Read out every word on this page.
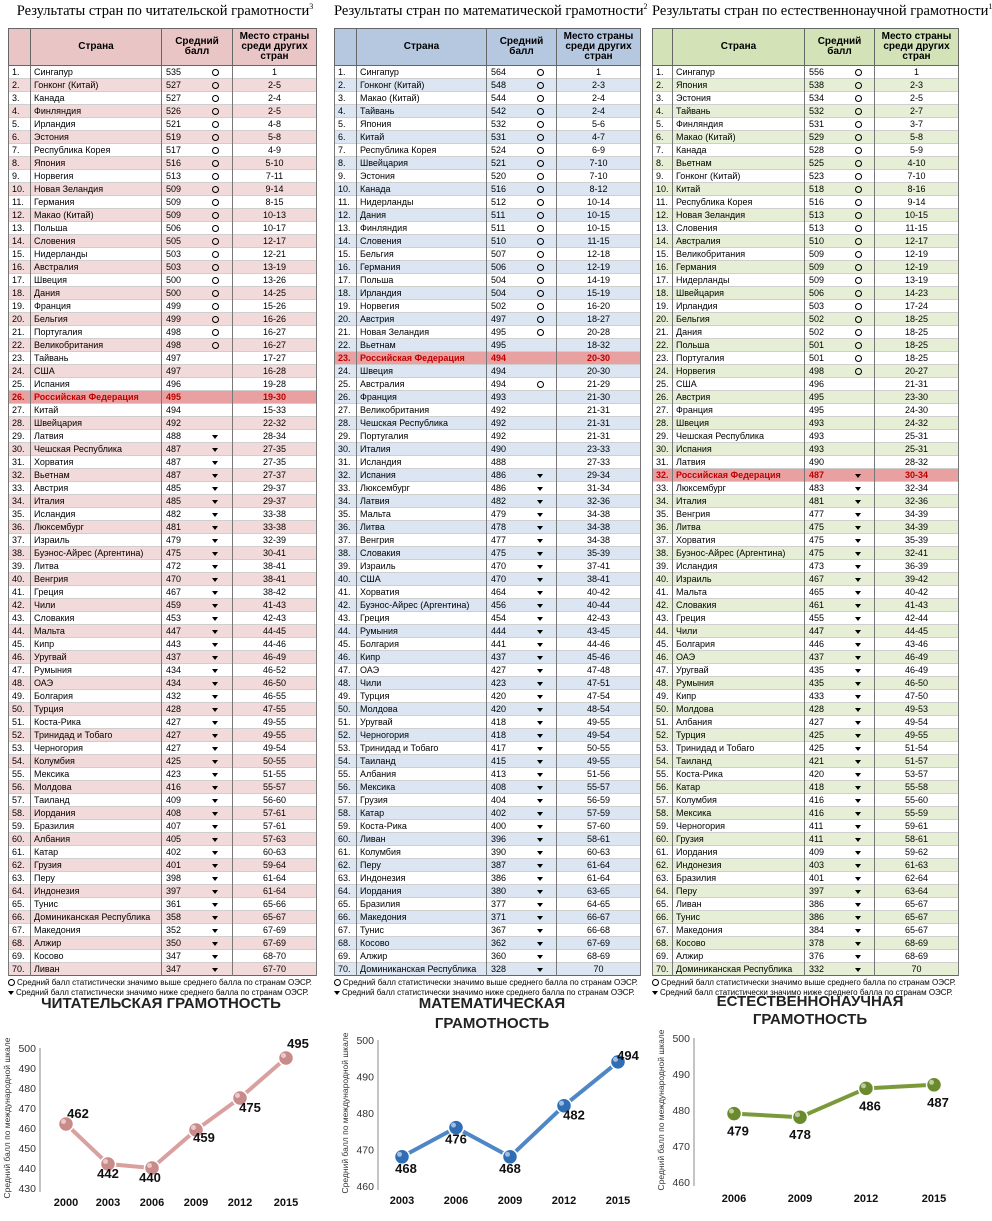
Результаты стран по читательской грамотности$^3$
	Страна	Средний балл	Место страны среди других стран
1.	Сингапур	535	1
2.	Гонконг (Китай)	527	2-5
3.	Канада	527	2-4
4.	Финляндия	526	2-5
5.	Ирландия	521	4-8
6.	Эстония	519	5-8
7.	Республика Корея	517	4-9
8.	Япония	516	5-10
9.	Норвегия	513	7-11
10.	Новая Зеландия	509	9-14
11.	Германия	509	8-15
12.	Макао (Китай)	509	10-13
13.	Польша	506	10-17
14.	Словения	505	12-17
15.	Нидерланды	503	12-21
16.	Австралия	503	13-19
17.	Швеция	500	13-26
18.	Дания	500	14-25
19.	Франция	499	15-26
20.	Бельгия	499	16-26
21.	Португалия	498	16-27
22.	Великобритания	498	16-27
23.	Тайвань	497	17-27
24.	США	497	16-28
25.	Испания	496	19-28
26.	Российская Федерация	495	19-30
27.	Китай	494	15-33
28.	Швейцария	492	22-32
29.	Латвия	488	28-34
30.	Чешская Республика	487	27-35
31.	Хорватия	487	27-35
32.	Вьетнам	487	27-37
33.	Австрия	485	29-37
34.	Италия	485	29-37
35.	Исландия	482	33-38
36.	Люксембург	481	33-38
37.	Израиль	479	32-39
38.	Буэнос-Айрес (Аргентина)	475	30-41
39.	Литва	472	38-41
40.	Венгрия	470	38-41
41.	Греция	467	38-42
42.	Чили	459	41-43
43.	Словакия	453	42-43
44.	Мальта	447	44-45
45.	Кипр	443	44-46
46.	Уругвай	437	46-49
47.	Румыния	434	46-52
48.	ОАЭ	434	46-50
49.	Болгария	432	46-55
50.	Турция	428	47-55
51.	Коста-Рика	427	49-55
52.	Тринидад и Тобаго	427	49-55
53.	Черногория	427	49-54
54.	Колумбия	425	50-55
55.	Мексика	423	51-55
56.	Молдова	416	55-57
57.	Таиланд	409	56-60
58.	Иордания	408	57-61
59.	Бразилия	407	57-61
60.	Албания	405	57-63
61.	Катар	402	60-63
62.	Грузия	401	59-64
63.	Перу	398	61-64
64.	Индонезия	397	61-64
65.	Тунис	361	65-66
66.	Доминиканская Республика	358	65-67
67.	Македония	352	67-69
68.	Алжир	350	67-69
69.	Косово	347	68-70
70.	Ливан	347	67-70
Средний балл статистически значимо выше среднего балла по странам ОЭСР.
Средний балл статистически значимо ниже среднего балла по странам ОЭСР.
Результаты стран по математической грамотности$^2$
	Страна	Средний балл	Место страны среди других стран
1.	Сингапур	564	1
2.	Гонконг (Китай)	548	2-3
3.	Макао (Китай)	544	2-4
4.	Тайвань	542	2-4
5.	Япония	532	5-6
6.	Китай	531	4-7
7.	Республика Корея	524	6-9
8.	Швейцария	521	7-10
9.	Эстония	520	7-10
10.	Канада	516	8-12
11.	Нидерланды	512	10-14
12.	Дания	511	10-15
13.	Финляндия	511	10-15
14.	Словения	510	11-15
15.	Бельгия	507	12-18
16.	Германия	506	12-19
17.	Польша	504	14-19
18.	Ирландия	504	15-19
19.	Норвегия	502	16-20
20.	Австрия	497	18-27
21.	Новая Зеландия	495	20-28
22.	Вьетнам	495	18-32
23.	Российская Федерация	494	20-30
24.	Швеция	494	20-30
25.	Австралия	494	21-29
26.	Франция	493	21-30
27.	Великобритания	492	21-31
28.	Чешская Республика	492	21-31
29.	Португалия	492	21-31
30.	Италия	490	23-33
31.	Исландия	488	27-33
32.	Испания	486	29-34
33.	Люксембург	486	31-34
34.	Латвия	482	32-36
35.	Мальта	479	34-38
36.	Литва	478	34-38
37.	Венгрия	477	34-38
38.	Словакия	475	35-39
39.	Израиль	470	37-41
40.	США	470	38-41
41.	Хорватия	464	40-42
42.	Буэнос-Айрес (Аргентина)	456	40-44
43.	Греция	454	42-43
44.	Румыния	444	43-45
45.	Болгария	441	44-46
46.	Кипр	437	45-46
47.	ОАЭ	427	47-48
48.	Чили	423	47-51
49.	Турция	420	47-54
50.	Молдова	420	48-54
51.	Уругвай	418	49-55
52.	Черногория	418	49-54
53.	Тринидад и Тобаго	417	50-55
54.	Таиланд	415	49-55
55.	Албания	413	51-56
56.	Мексика	408	55-57
57.	Грузия	404	56-59
58.	Катар	402	57-59
59.	Коста-Рика	400	57-60
60.	Ливан	396	58-61
61.	Колумбия	390	60-63
62.	Перу	387	61-64
63.	Индонезия	386	61-64
64.	Иордания	380	63-65
65.	Бразилия	377	64-65
66.	Македония	371	66-67
67.	Тунис	367	66-68
68.	Косово	362	67-69
69.	Алжир	360	68-69
70.	Доминиканская Республика	328	70
Средний балл статистически значимо выше среднего балла по странам ОЭСР.
Средний балл статистически значимо ниже среднего балла по странам ОЭСР.
Результаты стран по естественнонаучной грамотности$^1$
	Страна	Средний балл	Место страны среди других стран
1.	Сингапур	556	1
2.	Япония	538	2-3
3.	Эстония	534	2-5
4.	Тайвань	532	2-7
5.	Финляндия	531	3-7
6.	Макао (Китай)	529	5-8
7.	Канада	528	5-9
8.	Вьетнам	525	4-10
9.	Гонконг (Китай)	523	7-10
10.	Китай	518	8-16
11.	Республика Корея	516	9-14
12.	Новая Зеландия	513	10-15
13.	Словения	513	11-15
14.	Австралия	510	12-17
15.	Великобритания	509	12-19
16.	Германия	509	12-19
17.	Нидерланды	509	13-19
18.	Швейцария	506	14-23
19.	Ирландия	503	17-24
20.	Бельгия	502	18-25
21.	Дания	502	18-25
22.	Польша	501	18-25
23.	Португалия	501	18-25
24.	Норвегия	498	20-27
25.	США	496	21-31
26.	Австрия	495	23-30
27.	Франция	495	24-30
28.	Швеция	493	24-32
29.	Чешская Республика	493	25-31
30.	Испания	493	25-31
31.	Латвия	490	28-32
32.	Российская Федерация	487	30-34
33.	Люксембург	483	32-34
34.	Италия	481	32-36
35.	Венгрия	477	34-39
36.	Литва	475	34-39
37.	Хорватия	475	35-39
38.	Буэнос-Айрес (Аргентина)	475	32-41
39.	Исландия	473	36-39
40.	Израиль	467	39-42
41.	Мальта	465	40-42
42.	Словакия	461	41-43
43.	Греция	455	42-44
44.	Чили	447	44-45
45.	Болгария	446	43-46
46.	ОАЭ	437	46-49
47.	Уругвай	435	46-49
48.	Румыния	435	46-50
49.	Кипр	433	47-50
50.	Молдова	428	49-53
51.	Албания	427	49-54
52.	Турция	425	49-55
53.	Тринидад и Тобаго	425	51-54
54.	Таиланд	421	51-57
55.	Коста-Рика	420	53-57
56.	Катар	418	55-58
57.	Колумбия	416	55-60
58.	Мексика	416	55-59
59.	Черногория	411	59-61
60.	Грузия	411	58-61
61.	Иордания	409	59-62
62.	Индонезия	403	61-63
63.	Бразилия	401	62-64
64.	Перу	397	63-64
65.	Ливан	386	65-67
66.	Тунис	386	65-67
67.	Македония	384	65-67
68.	Косово	378	68-69
69.	Алжир	376	68-69
70.	Доминиканская Республика	332	70
Средний балл статистически значимо выше среднего балла по странам ОЭСР.
Средний балл статистически значимо ниже среднего балла по странам ОЭСР.
ЧИТАТЕЛЬСКАЯ ГРАМОТНОСТЬ
430
440
450
460
470
480
490
500
Средний балл по международной шкале	462
2000
442
2003
440
2006
459
2009
475
2012
495
2015
МАТЕМАТИЧЕСКАЯ
ГРАМОТНОСТЬ
460
470
480
490
500
Средний балл по международной шкале	468
2003
476
2006
468
2009
482
2012
494
2015
ЕСТЕСТВЕННОНАУЧНАЯ
ГРАМОТНОСТЬ
460
470
480
490
500
Средний балл по международной шкале	479
2006
478
2009
486
2012
487
2015
